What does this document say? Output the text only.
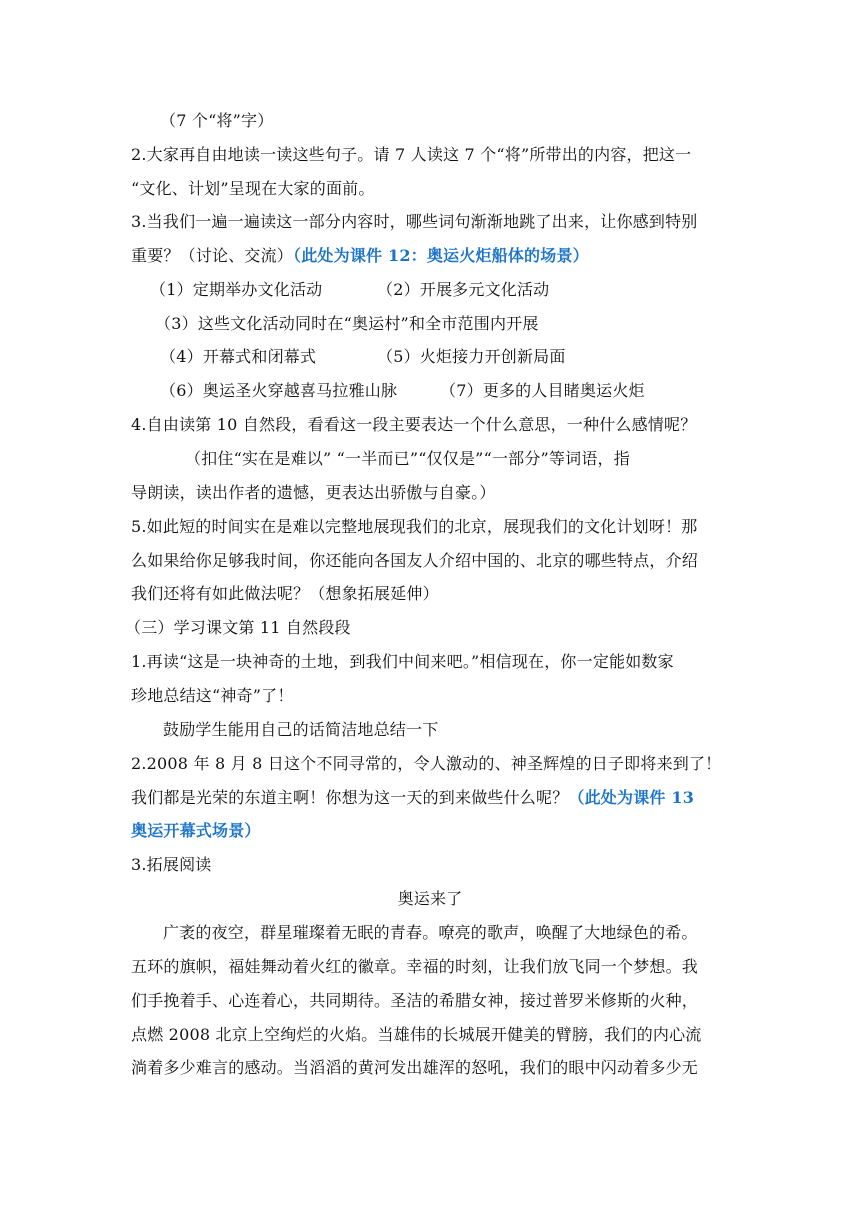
（7 个“将”字）
2.大家再自由地读一读这些句子。请 7 人读这 7 个“将”所带出的内容，把这一
“文化、计划”呈现在大家的面前。
3.当我们一遍一遍读这一部分内容时，哪些词句渐渐地跳了出来，让你感到特别
重要？（讨论、交流）（此处为课件 12：奥运火炬船体的场景）
（1）定期举办文化活动	（2）开展多元文化活动
（3）这些文化活动同时在“奥运村”和全市范围内开展
（4）开幕式和闭幕式	（5）火炬接力开创新局面
（6）奥运圣火穿越喜马拉雅山脉	（7）更多的人目睹奥运火炬
4.自由读第 10 自然段，看看这一段主要表达一个什么意思，一种什么感情呢？
（扣住“实在是难以” “一半而已”“仅仅是”“一部分”等词语，指
导朗读，读出作者的遗憾，更表达出骄傲与自豪。）
5.如此短的时间实在是难以完整地展现我们的北京，展现我们的文化计划呀！那
么如果给你足够我时间，你还能向各国友人介绍中国的、北京的哪些特点，介绍
我们还将有如此做法呢？（想象拓展延伸）
（三）学习课文第 11 自然段段
1.再读“这是一块神奇的土地，到我们中间来吧。”相信现在，你一定能如数家
珍地总结这“神奇”了！
鼓励学生能用自己的话简洁地总结一下
2.2008 年 8 月 8 日这个不同寻常的，令人激动的、神圣辉煌的日子即将来到了！
我们都是光荣的东道主啊！你想为这一天的到来做些什么呢？（此处为课件 13
奥运开幕式场景）
3.拓展阅读
奥运来了
广袤的夜空，群星璀璨着无眠的青春。嘹亮的歌声，唤醒了大地绿色的希。
五环的旗帜，福娃舞动着火红的徽章。幸福的时刻，让我们放飞同一个梦想。我
们手挽着手、心连着心，共同期待。圣洁的希腊女神，接过普罗米修斯的火种，
点燃 2008 北京上空绚烂的火焰。当雄伟的长城展开健美的臂膀，我们的内心流
淌着多少难言的感动。当滔滔的黄河发出雄浑的怒吼，我们的眼中闪动着多少无
